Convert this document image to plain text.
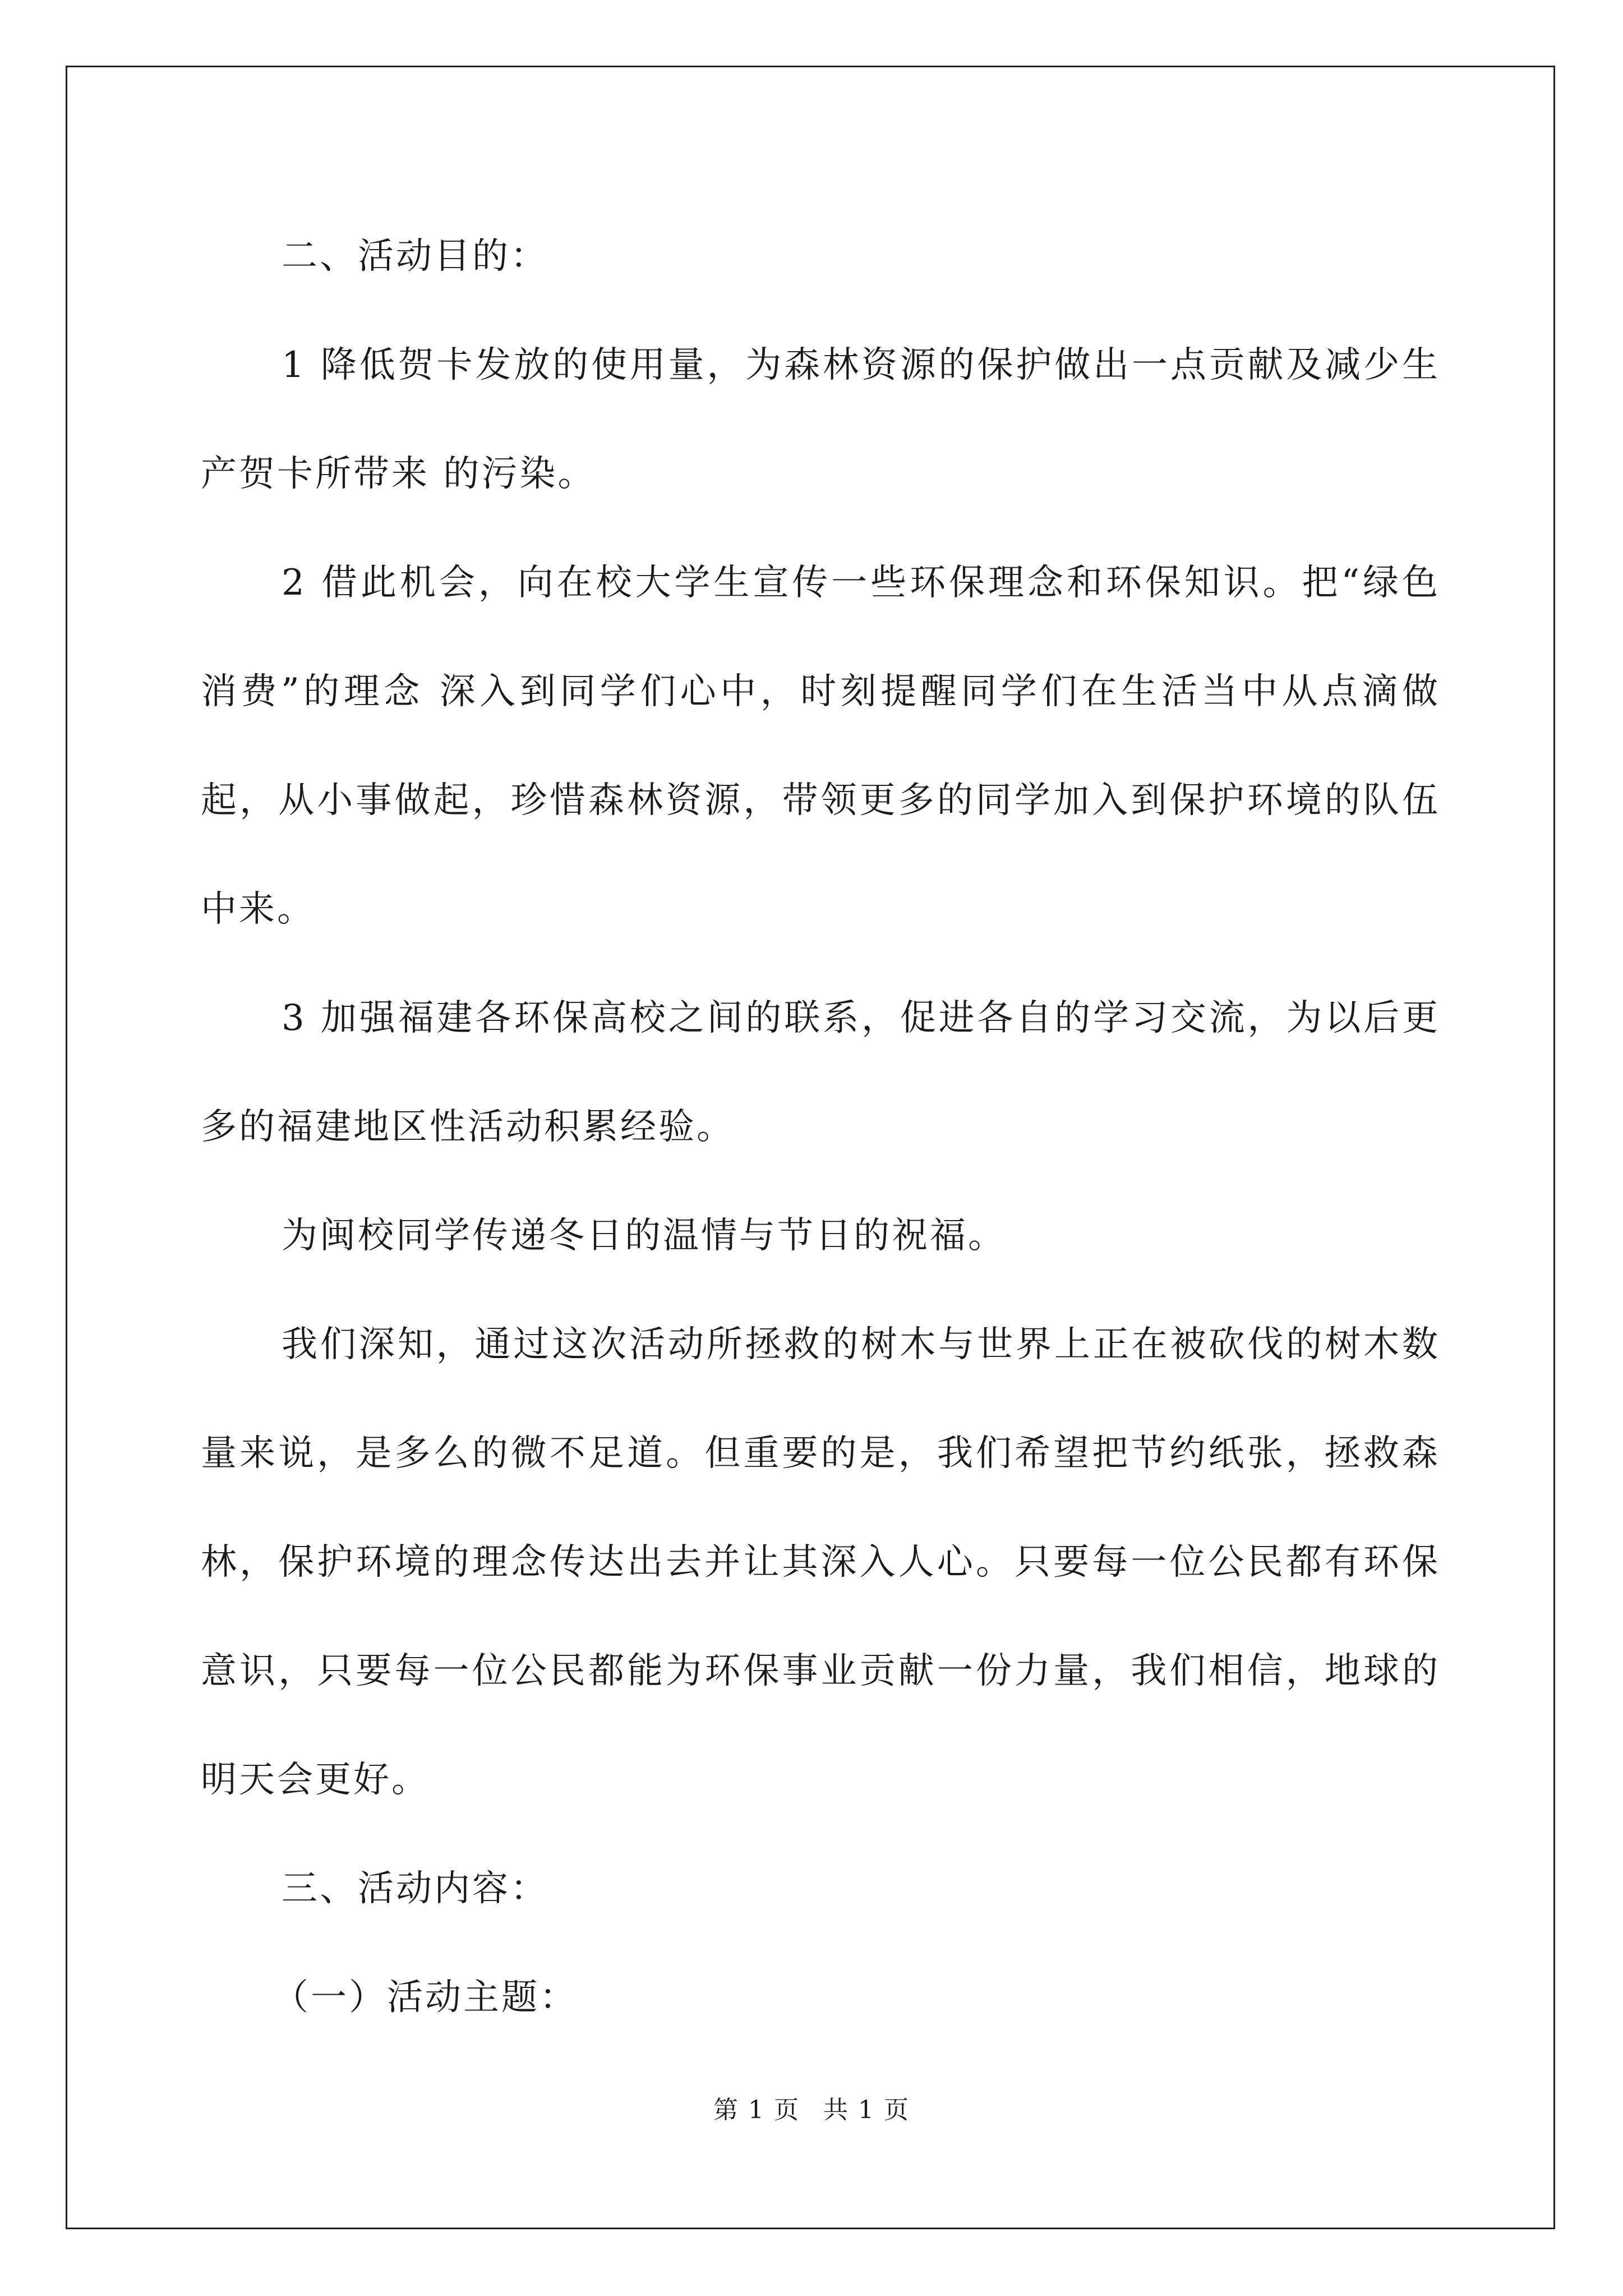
二、活动目的：

1 降低贺卡发放的使用量，为森林资源的保护做出一点贡献及减少生产贺卡所带来 的污染。

2 借此机会，向在校大学生宣传一些环保理念和环保知识。把“绿色消费”的理念 深入到同学们心中，时刻提醒同学们在生活当中从点滴做起，从小事做起，珍惜森林资源，带领更多的同学加入到保护环境的队伍中来。

3 加强福建各环保高校之间的联系，促进各自的学习交流，为以后更多的福建地区性活动积累经验。

为闽校同学传递冬日的温情与节日的祝福。

我们深知，通过这次活动所拯救的树木与世界上正在被砍伐的树木数量来说，是多么的微不足道。但重要的是，我们希望把节约纸张，拯救森林，保护环境的理念传达出去并让其深入人心。只要每一位公民都有环保意识，只要每一位公民都能为环保事业贡献一份力量，我们相信，地球的明天会更好。

三、活动内容：

（一）活动主题：

第 1 页 共 1 页
